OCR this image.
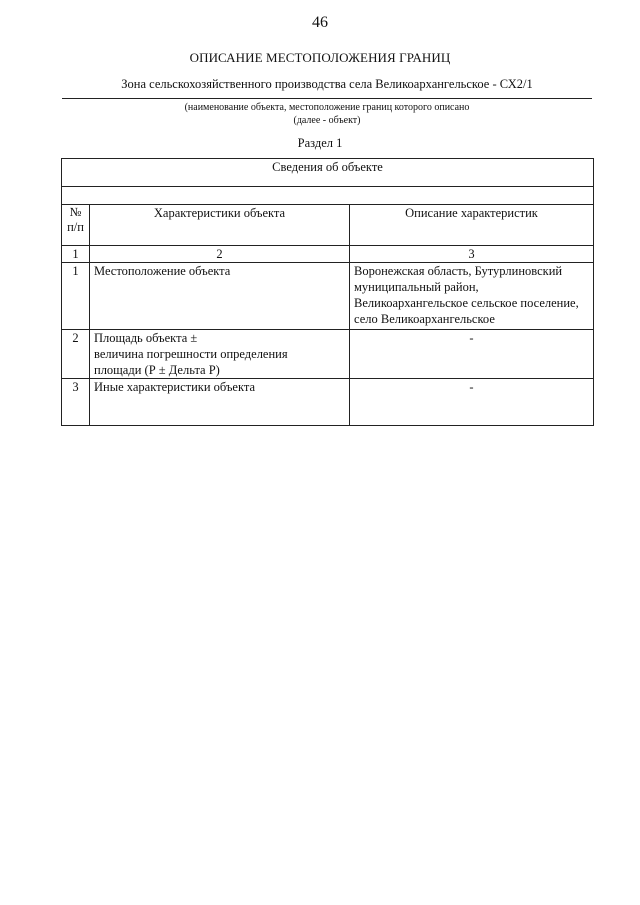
46
ОПИСАНИЕ МЕСТОПОЛОЖЕНИЯ ГРАНИЦ
Зона сельскохозяйственного производства села Великоархангельское - СХ2/1
(наименование объекта, местоположение границ которого описано
(далее - объект)
Раздел 1
Сведения об объекте		

№ п/п	Характеристики объекта	Описание характеристик
1	2	3
1	Местоположение объекта	Воронежская область, Бутурлиновский
муниципальный район,
Великоархангельское сельское поселение,
село Великоархангельское

2	Площадь объекта ±
величина погрешности определения
площади (Р ± Дельта Р)	-
3	Иные характеристики объекта	-
